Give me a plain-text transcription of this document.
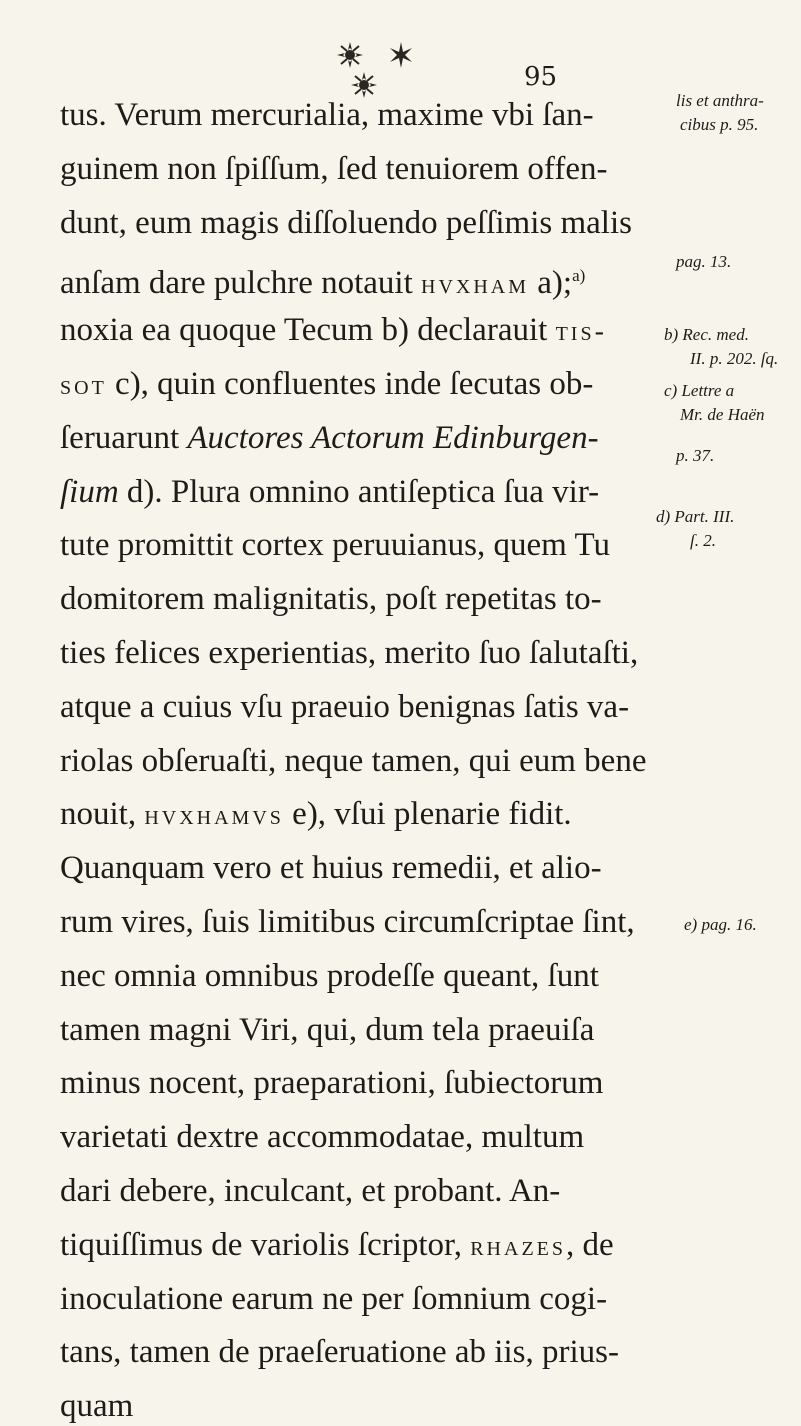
95
tus. Verum mercurialia, maxime vbi ſan-
guinem non ſpiſſum, ſed tenuiorem offen-
dunt, eum magis diſſoluendo peſſimis malis
anſam dare pulchre notauit hvxham a);$^{a)}$
noxia ea quoque Tecum b) declarauit tis-
sot c), quin confluentes inde ſecutas ob-
ſeruarunt Auctores Actorum Edinburgen-
ſium d). Plura omnino antiſeptica ſua vir-
tute promittit cortex peruuianus, quem Tu
domitorem malignitatis, poſt repetitas to-
ties felices experientias, merito ſuo ſalutaſti,
atque a cuius vſu praeuio benignas ſatis va-
riolas obſeruaſti, neque tamen, qui eum bene
nouit, hvxhamvs e), vſui plenarie fidit.
Quanquam vero et huius remedii, et alio-
rum vires, ſuis limitibus circumſcriptae ſint,
nec omnia omnibus prodeſſe queant, ſunt
tamen magni Viri, qui, dum tela praeuiſa
minus nocent, praeparationi, ſubiectorum
varietati dextre accommodatae, multum
dari debere, inculcant, et probant. An-
tiquiſſimus de variolis ſcriptor, rhazes, de
inoculatione earum ne per ſomnium cogi-
tans, tamen de praeſeruatione ab iis, prius-
quam
lis et anthra-
cibus p. 95.
pag. 13.
b) Rec. med.
II. p. 202. ſq.
c) Lettre a
Mr. de Haën
p. 37.
d) Part. III.
ſ. 2.
e) pag. 16.
